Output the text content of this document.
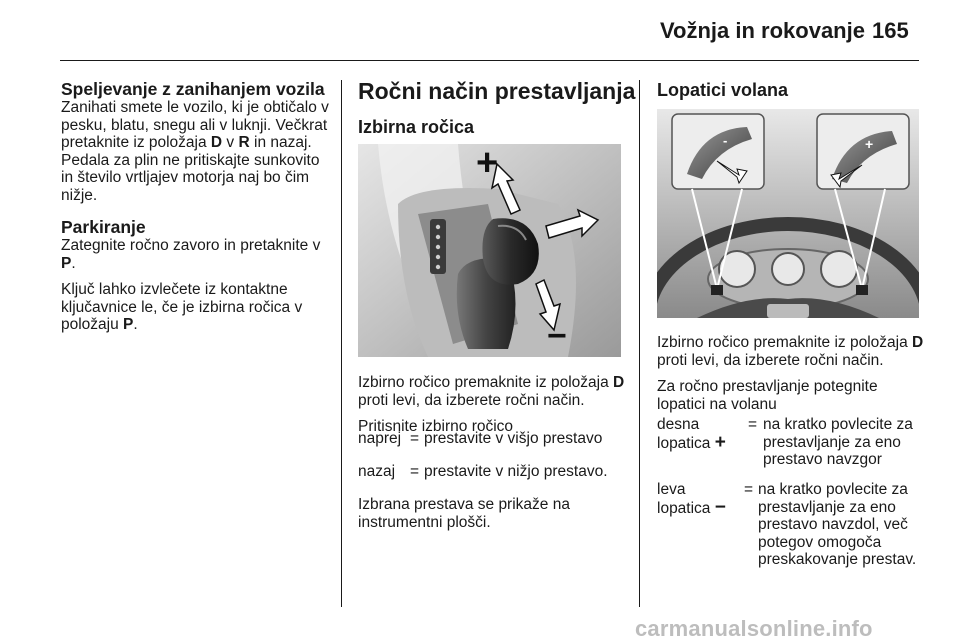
Vožnja in rokovanje 165
Speljevanje z zanihanjem vozila

Zanihati smete le vozilo, ki je obtičalo v pesku, blatu, snegu ali v luknji. Večkrat pretaknite iz položaja D v R in nazaj. Pedala za plin ne pritiskajte sunkovito in število vrtljajev motorja naj bo čim nižje.

Parkiranje

Zategnite ročno zavoro in pretaknite v P.

Ključ lahko izvlečete iz kontaktne ključavnice le, če je izbirna ročica v položaju P.

Ročni način prestavljanja
Izbirna ročica
+
−

Izbirno ročico premaknite iz položaja D proti levi, da izberete ročni način.

Pritisnite izbirno ročico

naprej = prestavite v višjo prestavo
nazaj = prestavite v nižjo prestavo.
Izbrana prestava se prikaže na instrumentni plošči.
Lopatici volana
-	+

Izbirno ročico premaknite iz položaja D proti levi, da izberete ročni način.

Za ročno prestavljanje potegnite lopatici na volanu

desna lopatica +
= na kratko povlecite za prestavljanje za eno prestavo navzgor
leva lopatica −
= na kratko povlecite za prestavljanje za eno prestavo navzdol, več potegov omogoča preskakovanje prestav.
carmanualsonline.info
